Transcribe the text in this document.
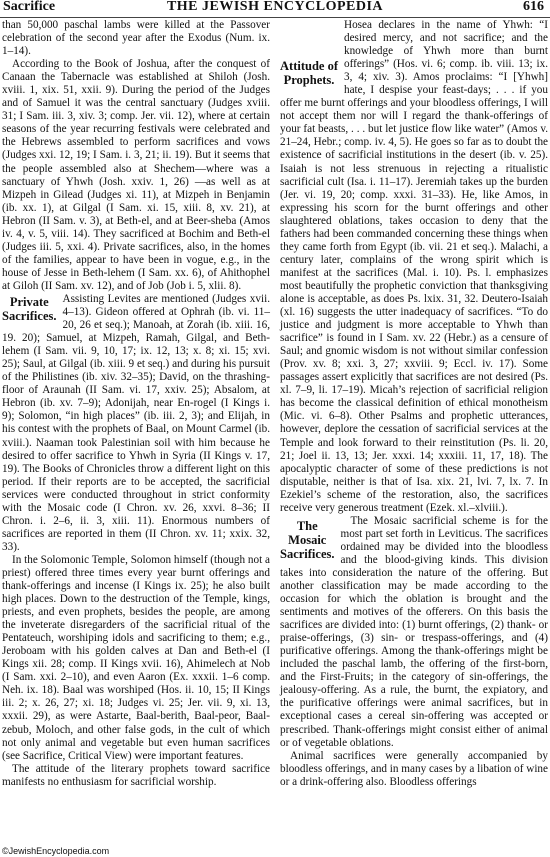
Sacrifice	THE JEWISH ENCYCLOPEDIA	616

than 50,000 paschal lambs were killed at the Passover celebration of the second year after the Exodus (Num. ix. 1–14).

According to the Book of Joshua, after the conquest of Canaan the Tabernacle was established at Shiloh (Josh. xviii. 1, xix. 51, xxii. 9). During the period of the Judges and of Samuel it was the central sanctuary (Judges xviii. 31; I Sam. iii. 3, xiv. 3; comp. Jer. vii. 12), where at certain seasons of the year recurring festivals were celebrated and the Hebrews assembled to perform sacrifices and vows (Judges xxi. 12, 19; I Sam. i. 3, 21; ii. 19). But it seems that the people assembled also at Shechem—where was a sanctuary of Yhwh (Josh. xxiv. 1, 26) —as well as at Mizpeh in Gilead (Judges xi. 11), at Mizpeh in Benjamin (ib. xx. 1), at Gilgal (I Sam. xi. 15, xiii. 8, xv. 21), at Hebron (II Sam. v. 3), at Beth-el, and at Beer-sheba (Amos iv. 4, v. 5, viii. 14). They sacrificed at Bochim and Beth-el (Judges iii. 5, xxi. 4). Private sacrifices, also, in the homes of the families, appear to have been in vogue, e.g., in the house of Jesse in Beth-lehem (I Sam. xx. 6), of Ahithophel at Giloh (II Sam. xv. 12), and of Job (Job i. 5, xlii. 8).

Private
Sacrifices.

Assisting Levites are mentioned (Judges xvii. 4–13). Gideon offered at Ophrah (ib. vi. 11–20, 26 et seq.); Manoah, at Zorah (ib. xiii. 16, 19. 20); Samuel, at Mizpeh, Ramah, Gilgal, and Beth-lehem (I Sam. vii. 9, 10, 17; ix. 12, 13; x. 8; xi. 15; xvi. 25); Saul, at Gilgal (ib. xiii. 9 et seq.) and during his pursuit of the Philistines (ib. xiv. 32–35); David, on the thrashing-floor of Araunah (II Sam. vi. 17, xxiv. 25); Absalom, at Hebron (ib. xv. 7–9); Adonijah, near En-rogel (I Kings i. 9); Solomon, “in high places” (ib. iii. 2, 3); and Elijah, in his contest with the prophets of Baal, on Mount Carmel (ib. xviii.). Naaman took Palestinian soil with him because he desired to offer sacrifice to Yhwh in Syria (II Kings v. 17, 19). The Books of Chronicles throw a different light on this period. If their reports are to be accepted, the sacrificial services were conducted throughout in strict conformity with the Mosaic code (I Chron. xv. 26, xxvi. 8–36; II Chron. i. 2–6, ii. 3, xiii. 11). Enormous numbers of sacrifices are reported in them (II Chron. xv. 11; xxix. 32, 33).

In the Solomonic Temple, Solomon himself (though not a priest) offered three times every year burnt offerings and thank-offerings and incense (I Kings ix. 25); he also built high places. Down to the destruction of the Temple, kings, priests, and even prophets, besides the people, are among the inveterate disregarders of the sacrificial ritual of the Pentateuch, worshiping idols and sacrificing to them; e.g., Jeroboam with his golden calves at Dan and Beth-el (I Kings xii. 28; comp. II Kings xvii. 16), Ahimelech at Nob (I Sam. xxi. 2–10), and even Aaron (Ex. xxxii. 1–6 comp. Neh. ix. 18). Baal was worshiped (Hos. ii. 10, 15; II Kings iii. 2; x. 26, 27; xi. 18; Judges vi. 25; Jer. vii. 9, xi. 13, xxxii. 29), as were Astarte, Baal-berith, Baal-peor, Baal-zebub, Moloch, and other false gods, in the cult of which not only animal and vegetable but even human sacrifices (see Sacrifice, Critical View) were important features.

The attitude of the literary prophets toward sacrifice manifests no enthusiasm for sacrificial worship.

Attitude of
Prophets.

Hosea declares in the name of Yhwh: “I desired mercy, and not sacrifice; and the knowledge of Yhwh more than burnt offerings” (Hos. vi. 6; comp. ib. viii. 13; ix. 3, 4; xiv. 3). Amos proclaims: “I [Yhwh] hate, I despise your feast-days; . . . if you offer me burnt offerings and your bloodless offerings, I will not accept them nor will I regard the thank-offerings of your fat beasts, . . . but let justice flow like water” (Amos v. 21–24, Hebr.; comp. iv. 4, 5). He goes so far as to doubt the existence of sacrificial institutions in the desert (ib. v. 25). Isaiah is not less strenuous in rejecting a ritualistic sacrificial cult (Isa. i. 11–17). Jeremiah takes up the burden (Jer. vi. 19, 20; comp. xxxi. 31–33). He, like Amos, in expressing his scorn for the burnt offerings and other slaughtered oblations, takes occasion to deny that the fathers had been commanded concerning these things when they came forth from Egypt (ib. vii. 21 et seq.). Malachi, a century later, complains of the wrong spirit which is manifest at the sacrifices (Mal. i. 10). Ps. l. emphasizes most beautifully the prophetic conviction that thanksgiving alone is acceptable, as does Ps. lxix. 31, 32. Deutero-Isaiah (xl. 16) suggests the utter inadequacy of sacrifices. “To do justice and judgment is more acceptable to Yhwh than sacrifice” is found in I Sam. xv. 22 (Hebr.) as a censure of Saul; and gnomic wisdom is not without similar confession (Prov. xv. 8; xxi. 3, 27; xxviii. 9; Eccl. iv. 17). Some passages assert explicitly that sacrifices are not desired (Ps. xl. 7–9, li. 17–19). Micah’s rejection of sacrificial religion has become the classical definition of ethical monotheism (Mic. vi. 6–8). Other Psalms and prophetic utterances, however, deplore the cessation of sacrificial services at the Temple and look forward to their reinstitution (Ps. li. 20, 21; Joel ii. 13, 13; Jer. xxxi. 14; xxxiii. 11, 17, 18). The apocalyptic character of some of these predictions is not disputable, neither is that of Isa. xix. 21, lvi. 7, lx. 7. In Ezekiel’s scheme of the restoration, also, the sacrifices receive very generous treatment (Ezek. xl.–xlviii.).

The
Mosaic
Sacrifices.

The Mosaic sacrificial scheme is for the most part set forth in Leviticus. The sacrifices ordained may be divided into the bloodless and the blood-giving kinds. This division takes into consideration the nature of the offering. But another classification may be made according to the occasion for which the oblation is brought and the sentiments and motives of the offerers. On this basis the sacrifices are divided into: (1) burnt offerings, (2) thank- or praise-offerings, (3) sin- or trespass-offerings, and (4) purificative offerings. Among the thank-offerings might be included the paschal lamb, the offering of the first-born, and the First-Fruits; in the category of sin-offerings, the jealousy-offering. As a rule, the burnt, the expiatory, and the purificative offerings were animal sacrifices, but in exceptional cases a cereal sin-offering was accepted or prescribed. Thank-offerings might consist either of animal or of vegetable oblations.

Animal sacrifices were generally accompanied by bloodless offerings, and in many cases by a libation of wine or a drink-offering also. Bloodless offerings

©JewishEncyclopedia.com
